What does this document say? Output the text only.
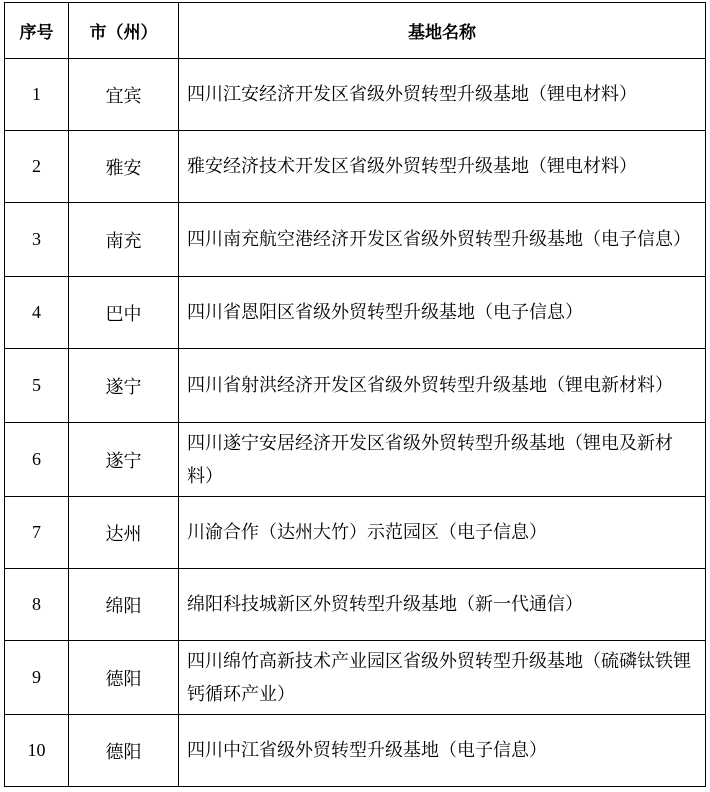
序号	市（州）	基地名称
1	宜宾	四川江安经济开发区省级外贸转型升级基地（锂电材料）
2	雅安	雅安经济技术开发区省级外贸转型升级基地（锂电材料）
3	南充	四川南充航空港经济开发区省级外贸转型升级基地（电子信息）
4	巴中	四川省恩阳区省级外贸转型升级基地（电子信息）
5	遂宁	四川省射洪经济开发区省级外贸转型升级基地（锂电新材料）
6	遂宁	四川遂宁安居经济开发区省级外贸转型升级基地（锂电及新材料）
7	达州	川渝合作（达州大竹）示范园区（电子信息）
8	绵阳	绵阳科技城新区外贸转型升级基地（新一代通信）
9	德阳	四川绵竹高新技术产业园区省级外贸转型升级基地（硫磷钛铁锂钙循环产业）
10	德阳	四川中江省级外贸转型升级基地（电子信息）
